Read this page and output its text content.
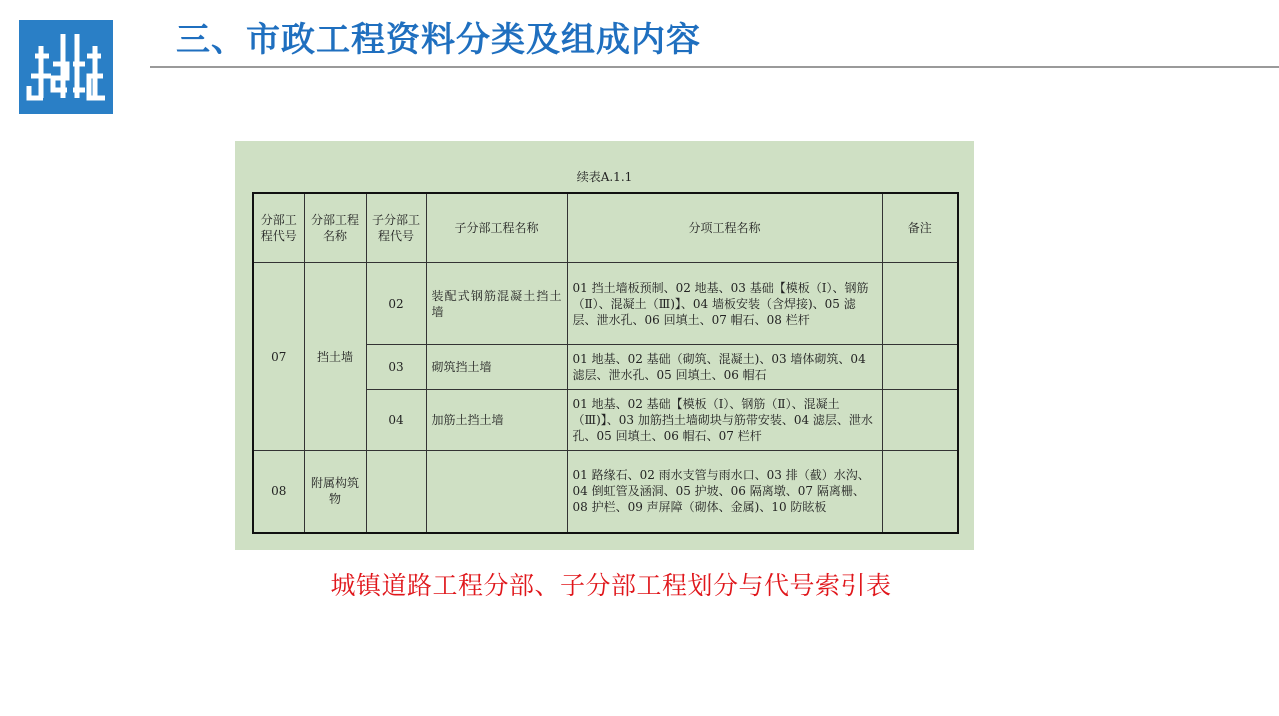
三、市政工程资料分类及组成内容
续表A.1.1
分部工程代号	分部工程名称	子分部工程代号	子分部工程名称	分项工程名称	备注
07	挡土墙	02	装配式钢筋混凝土挡土墙	01 挡土墙板预制、02 地基、03 基础【模板（Ⅰ）、钢筋（Ⅱ）、混凝土（Ⅲ)】、04 墙板安装（含焊接)、05 滤层、泄水孔、06 回填土、07 帽石、08 栏杆	
		03	砌筑挡土墙	01 地基、02 基础（砌筑、混凝土)、03 墙体砌筑、04 滤层、泄水孔、05 回填土、06 帽石	
		04	加筋土挡土墙	01 地基、02 基础【模板（Ⅰ）、钢筋（Ⅱ）、混凝土（Ⅲ)】、03 加筋挡土墙砌块与筋带安装、04 滤层、泄水孔、05 回填土、06 帽石、07 栏杆	
08	附属构筑物			01 路缘石、02 雨水支管与雨水口、03 排（截）水沟、04 倒虹管及涵洞、05 护坡、06 隔离墩、07 隔离栅、08 护栏、09 声屏障（砌体、金属)、10 防眩板	
城镇道路工程分部、子分部工程划分与代号索引表
